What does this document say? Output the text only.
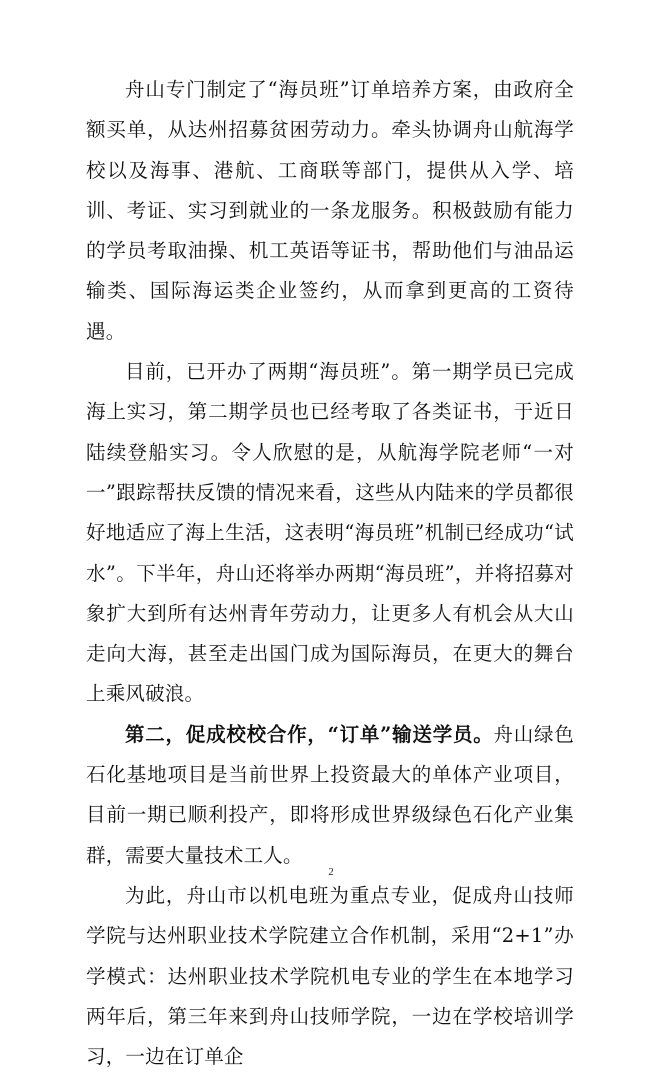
舟山专门制定了“海员班”订单培养方案，由政府全额买单，从达州招募贫困劳动力。牵头协调舟山航海学校以及海事、港航、工商联等部门，提供从入学、培训、考证、实习到就业的一条龙服务。积极鼓励有能力的学员考取油操、机工英语等证书，帮助他们与油品运输类、国际海运类企业签约，从而拿到更高的工资待遇。

目前，已开办了两期“海员班”。第一期学员已完成海上实习，第二期学员也已经考取了各类证书，于近日陆续登船实习。令人欣慰的是，从航海学院老师“一对一”跟踪帮扶反馈的情况来看，这些从内陆来的学员都很好地适应了海上生活，这表明“海员班”机制已经成功“试水”。下半年，舟山还将举办两期“海员班”，并将招募对象扩大到所有达州青年劳动力，让更多人有机会从大山走向大海，甚至走出国门成为国际海员，在更大的舞台上乘风破浪。

第二，促成校校合作，“订单”输送学员。舟山绿色石化基地项目是当前世界上投资最大的单体产业项目，目前一期已顺利投产，即将形成世界级绿色石化产业集群，需要大量技术工人。

为此，舟山市以机电班为重点专业，促成舟山技师学院与达州职业技术学院建立合作机制，采用“2+1”办学模式：达州职业技术学院机电专业的学生在本地学习两年后，第三年来到舟山技师学院，一边在学校培训学习，一边在订单企

2
